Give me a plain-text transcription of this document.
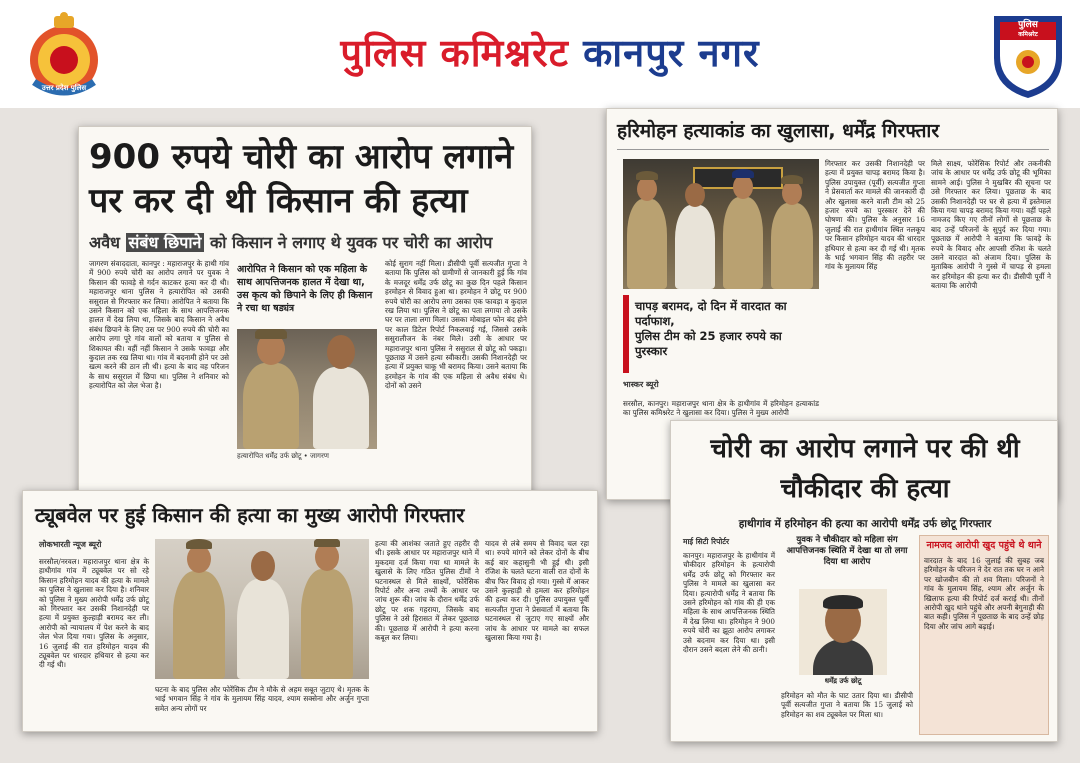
उत्तर प्रदेश पुलिस
पुलिस कमिश्नरेट कानपुर नगर
पुलिस
कमिश्नरेट
900 रुपये चोरी का आरोप लगाने पर कर दी थी किसान की हत्या
अवैध संबंध छिपाने को किसान ने लगाए थे युवक पर चोरी का आरोप
जागरण संवाददाता, कानपुर : महाराजपुर के हाथी गांव में 900 रुपये चोरी का आरोप लगाने पर युवक ने किसान की फावड़े से गर्दन काटकर हत्या कर दी थी। महाराजपुर थाना पुलिस ने हत्यारोपित को उसकी ससुराल से गिरफ्तार कर लिया। आरोपित ने बताया कि उसने किसान को एक महिला के साथ आपत्तिजनक हालत में देख लिया था, जिसके बाद किसान ने अवैध संबंध छिपाने के लिए उस पर 900 रुपये की चोरी का आरोप लगा पूरे गांव वालों को बताया व पुलिस से शिकायत की। वहीं नहीं किसान ने उसके फावड़ा और कुदाल तक रख लिया था। गांव में बदनामी होने पर उसे खत्म करने की ठान ली थी। हत्या के बाद वह परिजन के साथ ससुराल में छिपा था। पुलिस ने शनिवार को हत्यारोपित को जेल भेजा है।
आरोपित ने किसान को एक महिला के साथ आपत्तिजनक हालत में देखा था, उस कृत्य को छिपाने के लिए ही किसान ने रचा था षड्यंत्र
हत्यारोपित धर्मेंद्र उर्फ छोटू • जागरण
कोई सुराग नहीं मिला। डीसीपी पूर्वी सत्यजीत गुप्ता ने बताया कि पुलिस को ग्रामीणों से जानकारी हुई कि गांव के मजदूर धर्मेंद्र उर्फ छोटू का कुछ दिन पहले किसान हरमोहन से विवाद हुआ था। हरमोहन ने छोटू पर 900 रुपये चोरी का आरोप लगा उसका एक फावड़ा व कुदाल रख लिया था। पुलिस ने छोटू का पता लगाया तो उसके घर पर ताला लगा मिला। उसका मोबाइल फोन बंद होने पर काल डिटेल रिपोर्ट निकलवाई गई, जिससे उसके ससुरालीजन के नंबर मिले। उसी के आधार पर महाराजपुर थाना पुलिस ने ससुराल से छोटू को पकड़ा। पूछताछ में उसने हत्या स्वीकारी। उसकी निशानदेही पर हत्या में प्रयुक्त चाकू भी बरामद किया। उसने बताया कि हरमोहन के गांव की एक महिला से अवैध संबंध थे। दोनों को उसने
हरिमोहन हत्याकांड का खुलासा, धर्मेंद्र गिरफ्तार
चापड़ बरामद, दो दिन में वारदात का पर्दाफाश,
पुलिस टीम को 25 हजार रुपये का पुरस्कार
भास्कर ब्यूरो
सरसौल, कानपुर। महाराजपुर थाना क्षेत्र के हाथीगांव में हरिमोहन हत्याकांड का पुलिस कमिश्नरेट ने खुलासा कर दिया। पुलिस ने मुख्य आरोपी
गिरफ्तार कर उसकी निशानदेही पर हत्या में प्रयुक्त चापड़ बरामद किया है। पुलिस उपायुक्त (पूर्वी) सत्यजीत गुप्ता ने प्रेसवार्ता कर मामले की जानकारी दी और खुलासा करने वाली टीम को 25 हजार रुपये का पुरस्कार देने की घोषणा की। पुलिस के अनुसार 16 जुलाई की रात हाथीगांव स्थित नलकूप पर किसान हरिमोहन यादव की धारदार हथियार से हत्या कर दी गई थी। मृतक के भाई भगवान सिंह की तहरीर पर गांव के मुलायम सिंह
मिले साक्ष्य, फोरेंसिक रिपोर्ट और तकनीकी जांच के आधार पर धर्मेंद्र उर्फ छोटू की भूमिका सामने आई। पुलिस ने मुखबिर की सूचना पर उसे गिरफ्तार कर लिया। पूछताछ के बाद उसकी निशानदेही पर घर से हत्या में इस्तेमाल किया गया चापड़ बरामद किया गया। वहीं पहले नामजद किए गए तीनों लोगों से पूछताछ के बाद उन्हें परिजनों के सुपुर्द कर दिया गया। पूछताछ में आरोपी ने बताया कि फावड़े के रुपये के विवाद और आपसी रंजिश के चलते उसने वारदात को अंजाम दिया। पुलिस के मुताबिक आरोपी ने गुस्से में चापड़ से हमला कर हरिमोहन की हत्या कर दी। डीसीपी पूर्वी ने बताया कि आरोपी
ट्यूबवेल पर हुई किसान की हत्या का मुख्य आरोपी गिरफ्तार
लोकभारती न्यूज ब्यूरो
सरसौल/नरवल। महाराजपुर थाना क्षेत्र के हाथीगांव गांव में ट्यूबवेल पर सो रहे किसान हरिमोहन यादव की हत्या के मामले का पुलिस ने खुलासा कर दिया है। शनिवार को पुलिस ने मुख्य आरोपी धर्मेंद्र उर्फ छोटू को गिरफ्तार कर उसकी निशानदेही पर हत्या में प्रयुक्त कुल्हाड़ी बरामद कर ली। आरोपी को न्यायालय में पेश करने के बाद जेल भेज दिया गया। पुलिस के अनुसार, 16 जुलाई की रात हरिमोहन यादव की ट्यूबवेल पर धारदार हथियार से हत्या कर दी गई थी।
घटना के बाद पुलिस और फोरेंसिक टीम ने मौके से अहम सबूत जुटाए थे। मृतक के भाई भगवान सिंह ने गांव के मुलायम सिंह यादव, श्याम सक्सेना और अर्जुन गुप्ता समेत अन्य लोगों पर
हत्या की आशंका जताते हुए तहरीर दी थी। इसके आधार पर महाराजपुर थाने में मुकदमा दर्ज किया गया था मामले के खुलासे के लिए गठित पुलिस टीमों ने घटनास्थल से मिले साक्ष्यों, फोरेंसिक रिपोर्ट और अन्य तथ्यों के आधार पर जांच शुरू की। जांच के दौरान धर्मेंद्र उर्फ छोटू पर शक गहराया, जिसके बाद पुलिस ने उसे हिरासत में लेकर पूछताछ की। पूछताछ में आरोपी ने हत्या करना कबूल कर लिया।
यादव से लंबे समय से विवाद चल रहा था। रुपये मांगने को लेकर दोनों के बीच कई बार कहासुनी भी हुई थी। इसी रंजिश के चलते घटना वाली रात दोनों के बीच फिर विवाद हो गया। गुस्से में आकर उसने कुल्हाड़ी से हमला कर हरिमोहन की हत्या कर दी। पुलिस उपायुक्त पूर्वी सत्यजीत गुप्ता ने प्रेसवार्ता में बताया कि घटनास्थल से जुटाए गए साक्ष्यों और जांच के आधार पर मामले का सफल खुलासा किया गया है।
चोरी का आरोप लगाने पर की थी चौकीदार की हत्या
हाथीगांव में हरिमोहन की हत्या का आरोपी धर्मेंद्र उर्फ छोटू गिरफ्तार
माई सिटी रिपोर्टर
कानपुर। महाराजपुर के हाथीगांव में चौकीदार हरिमोहन के हत्यारोपी धर्मेंद्र उर्फ छोटू को गिरफ्तार कर पुलिस ने मामले का खुलासा कर दिया। हत्यारोपी धर्मेंद्र ने बताया कि उसने हरिमोहन को गांव की ही एक महिला के साथ आपत्तिजनक स्थिति में देख लिया था। हरिमोहन ने 900 रुपये चोरी का झूठा आरोप लगाकर उसे बदनाम कर दिया था। इसी दौरान उसने बदला लेने की ठानी।
युवक ने चौकीदार को महिला संग आपत्तिजनक स्थिति में देखा था तो लगा दिया था आरोप
धर्मेंद्र उर्फ छोटू
हरिमोहन को मौत के घाट उतार दिया था। डीसीपी पूर्वी सत्यजीत गुप्ता ने बताया कि 15 जुलाई को हरिमोहन का शव ट्यूबवेल पर मिला था।
नामजद आरोपी खुद पहुंचे थे थाने
वारदात के बाद 16 जुलाई की सुबह जब हरिमोहन के परिजन ने देर रात तक घर न आने पर खोजबीन की तो शव मिला। परिजनों ने गांव के मुलायम सिंह, श्याम और अर्जुन के खिलाफ हत्या की रिपोर्ट दर्ज कराई थी। तीनों आरोपी खुद थाने पहुंचे और अपनी बेगुनाही की बात कही। पुलिस ने पूछताछ के बाद उन्हें छोड़ दिया और जांच आगे बढ़ाई।
